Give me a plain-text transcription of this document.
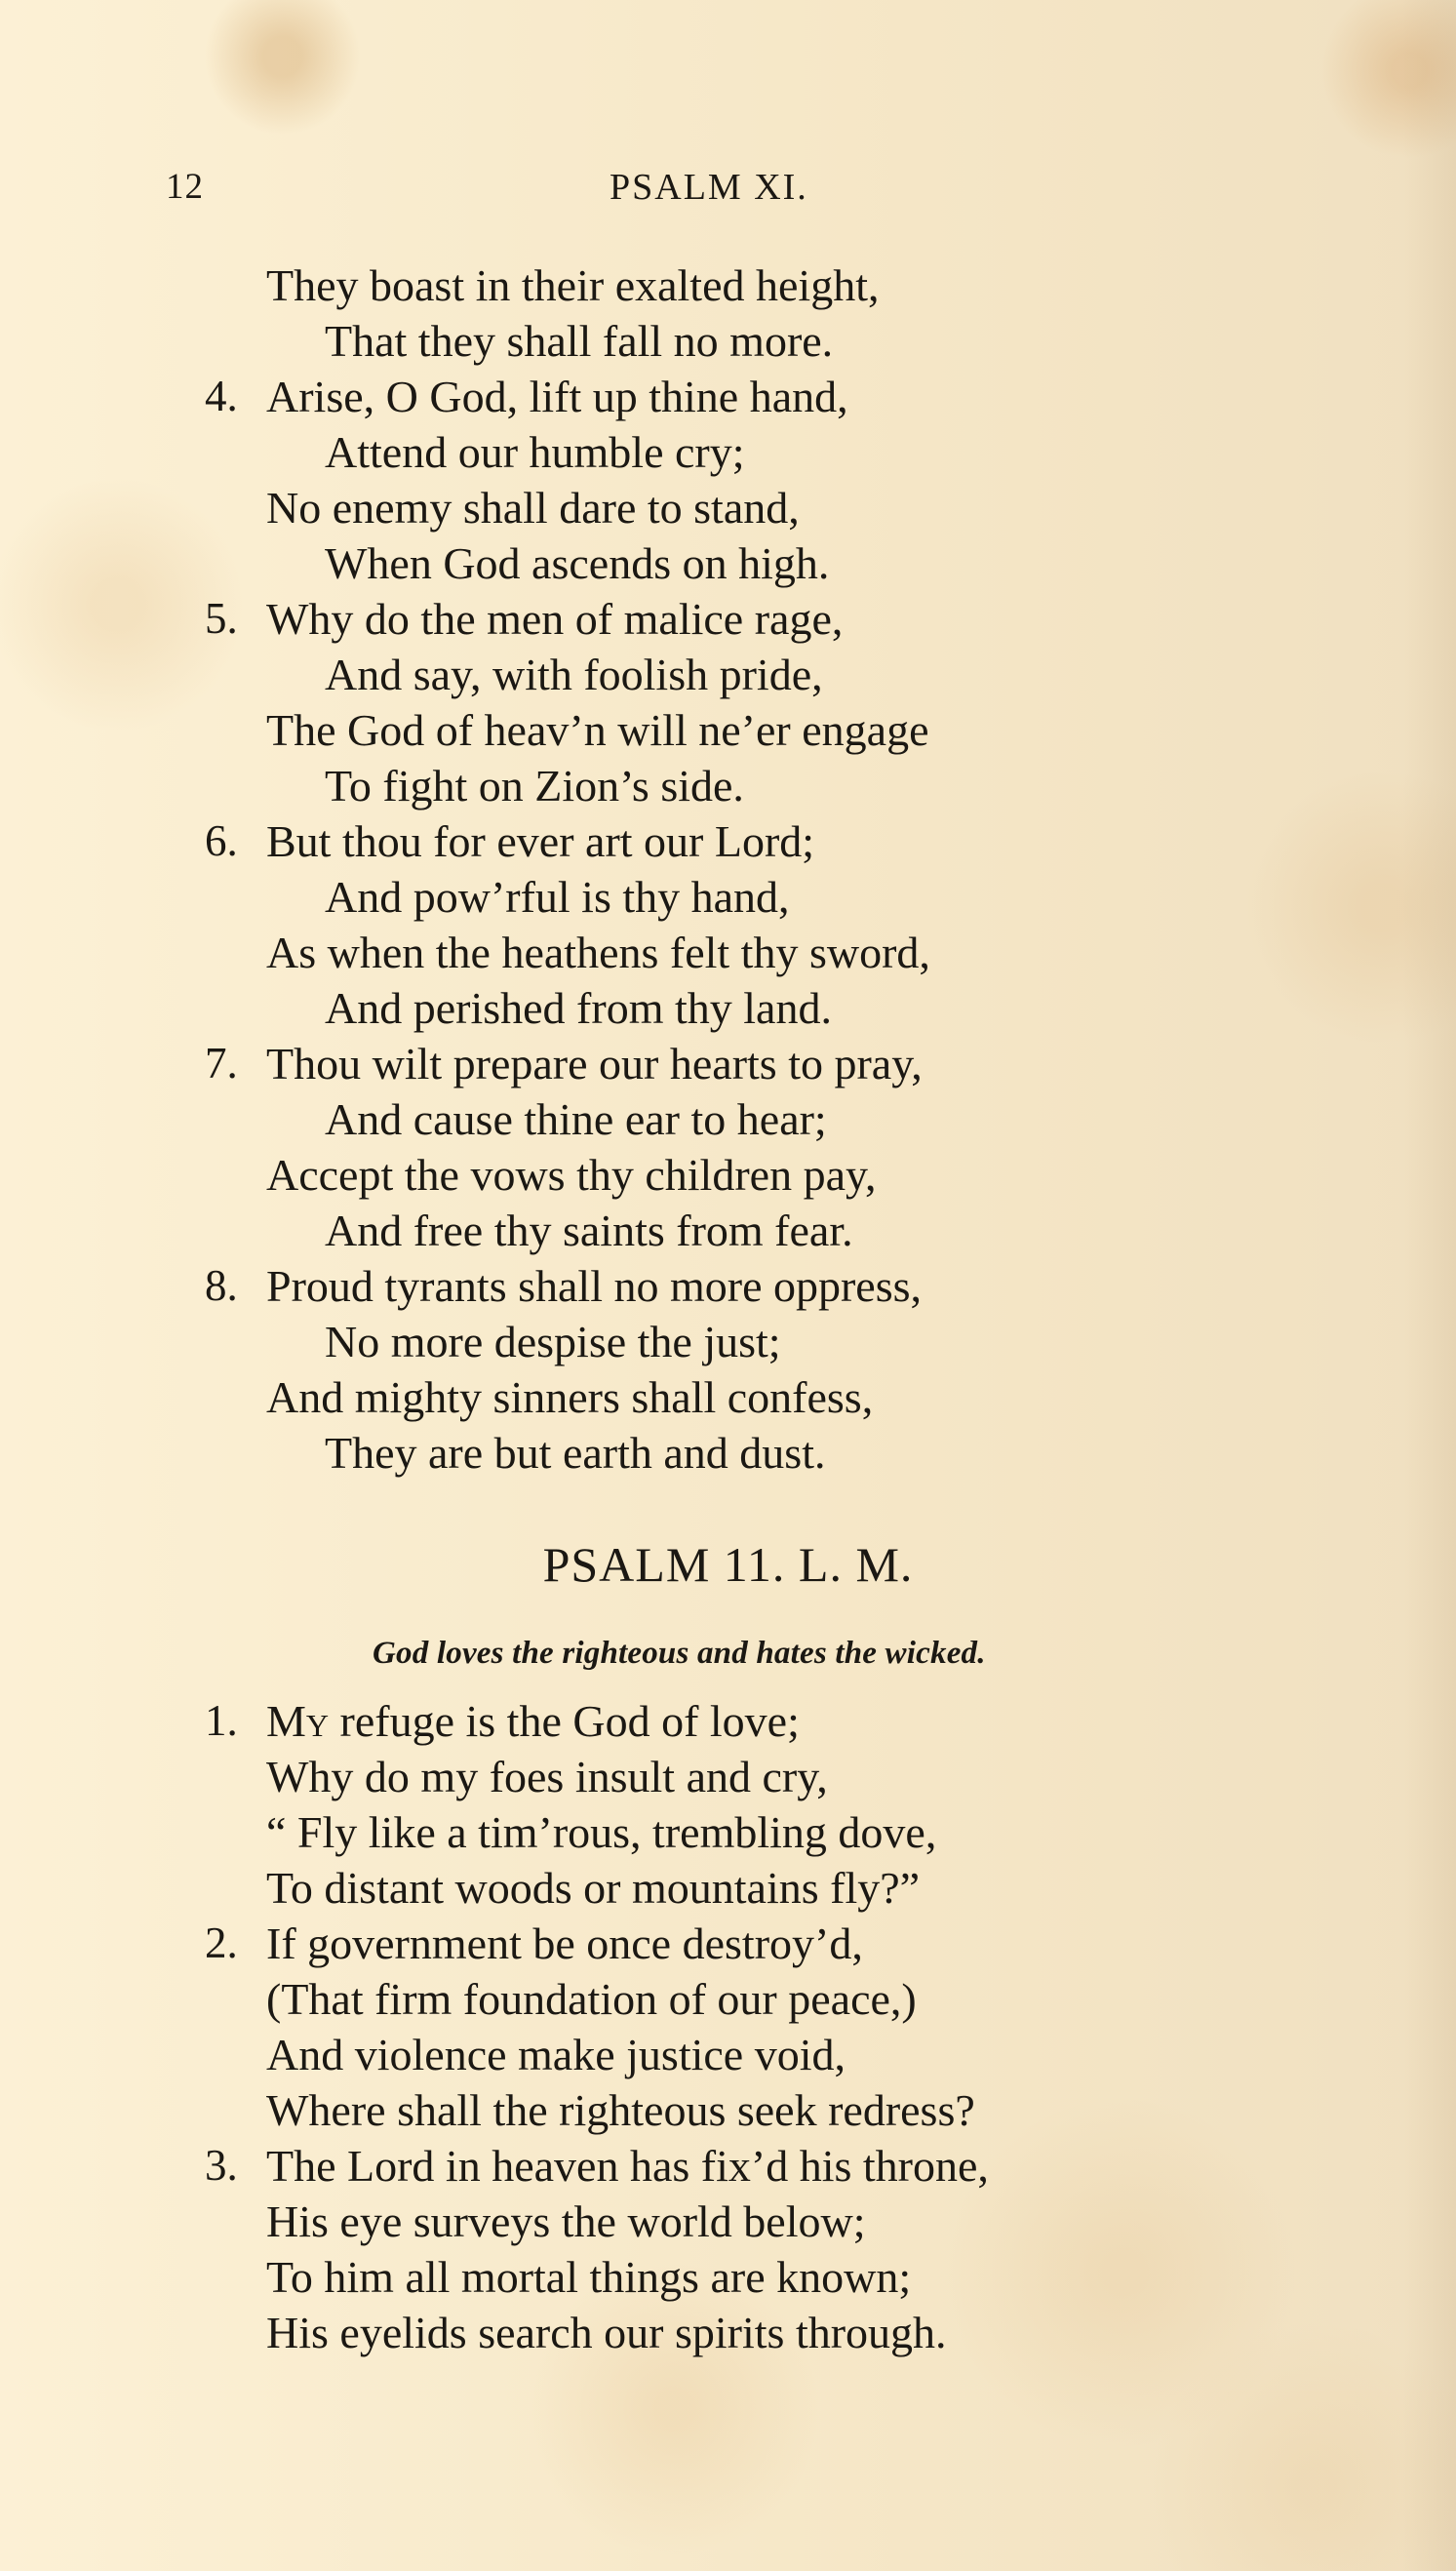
12	PSALM XI.
They boast in their exalted height,
That they shall fall no more.
4. Arise, O God, lift up thine hand,
Attend our humble cry;
No enemy shall dare to stand,
When God ascends on high.
5. Why do the men of malice rage,
And say, with foolish pride,
The God of heav’n will ne’er engage
To fight on Zion’s side.
6. But thou for ever art our Lord;
And pow’rful is thy hand,
As when the heathens felt thy sword,
And perished from thy land.
7. Thou wilt prepare our hearts to pray,
And cause thine ear to hear;
Accept the vows thy children pay,
And free thy saints from fear.
8. Proud tyrants shall no more oppress,
No more despise the just;
And mighty sinners shall confess,
They are but earth and dust.
PSALM 11. L. M.
God loves the righteous and hates the wicked.
1. My refuge is the God of love;
Why do my foes insult and cry,
“ Fly like a tim’rous, trembling dove,
To distant woods or mountains fly?”
2. If government be once destroy’d,
(That firm foundation of our peace,)
And violence make justice void,
Where shall the righteous seek redress?
3. The Lord in heaven has fix’d his throne,
His eye surveys the world below;
To him all mortal things are known;
His eyelids search our spirits through.
